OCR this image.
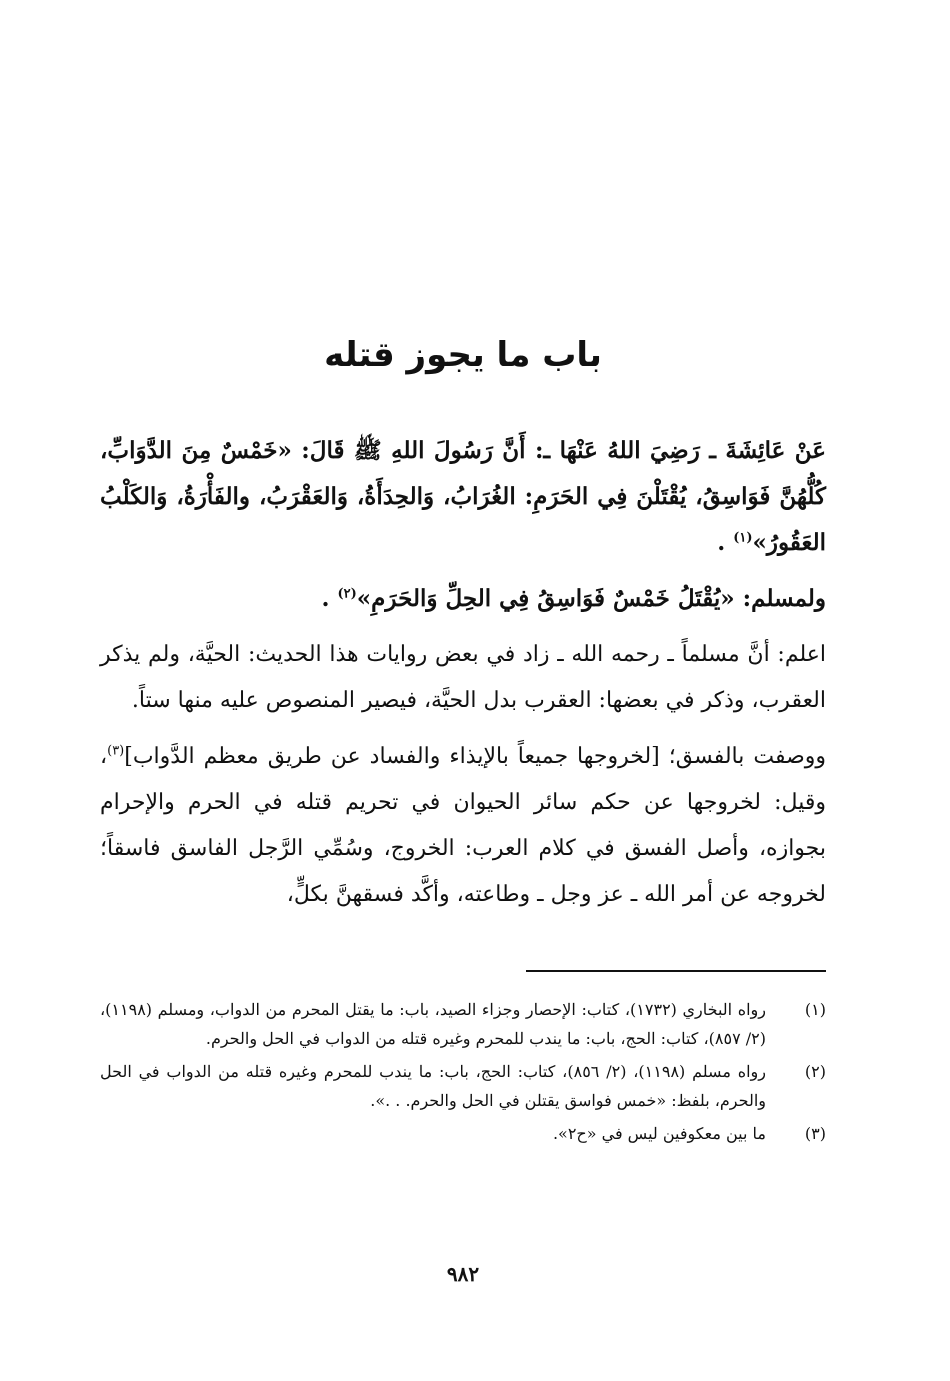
باب ما يجوز قتله

عَنْ عَائِشَةَ ـ رَضِيَ اللهُ عَنْهَا ـ: أَنَّ رَسُولَ اللهِ ﷺ قَالَ: «خَمْسٌ مِنَ الدَّوَابِّ، كُلُّهُنَّ فَوَاسِقُ، يُقْتَلْنَ فِي الحَرَمِ: الغُرَابُ، وَالحِدَأَةُ، وَالعَقْرَبُ، والفَأْرَةُ، وَالكَلْبُ العَقُورُ»$^{(١)}$ .

ولمسلم: «يُقْتَلُ خَمْسٌ فَوَاسِقُ فِي الحِلِّ وَالحَرَمِ»$^{(٢)}$ .

اعلم: أنَّ مسلماً ـ رحمه الله ـ زاد في بعض روايات هذا الحديث: الحيَّة، ولم يذكر العقرب، وذكر في بعضها: العقرب بدل الحيَّة، فيصير المنصوص عليه منها ستاً.

ووصفت بالفسق؛ [لخروجها جميعاً بالإيذاء والفساد عن طريق معظم الدَّواب]$^{(٣)}$، وقيل: لخروجها عن حكم سائر الحيوان في تحريم قتله في الحرم والإحرام بجوازه، وأصل الفسق في كلام العرب: الخروج، وسُمِّي الرَّجل الفاسق فاسقاً؛ لخروجه عن أمر الله ـ عز وجل ـ وطاعته، وأكَّد فسقهنَّ بكلٍّ،

(١)
رواه البخاري (١٧٣٢)، كتاب: الإحصار وجزاء الصيد، باب: ما يقتل المحرم من الدواب، ومسلم (١١٩٨)، (٢/ ٨٥٧)، كتاب: الحج، باب: ما يندب للمحرم وغيره قتله من الدواب في الحل والحرم.
(٢)
رواه مسلم (١١٩٨)، (٢/ ٨٥٦)، كتاب: الحج، باب: ما يندب للمحرم وغيره قتله من الدواب في الحل والحرم، بلفظ: «خمس فواسق يقتلن في الحل والحرم. . .».
(٣)
ما بين معكوفين ليس في «ح٢».
٩٨٢
